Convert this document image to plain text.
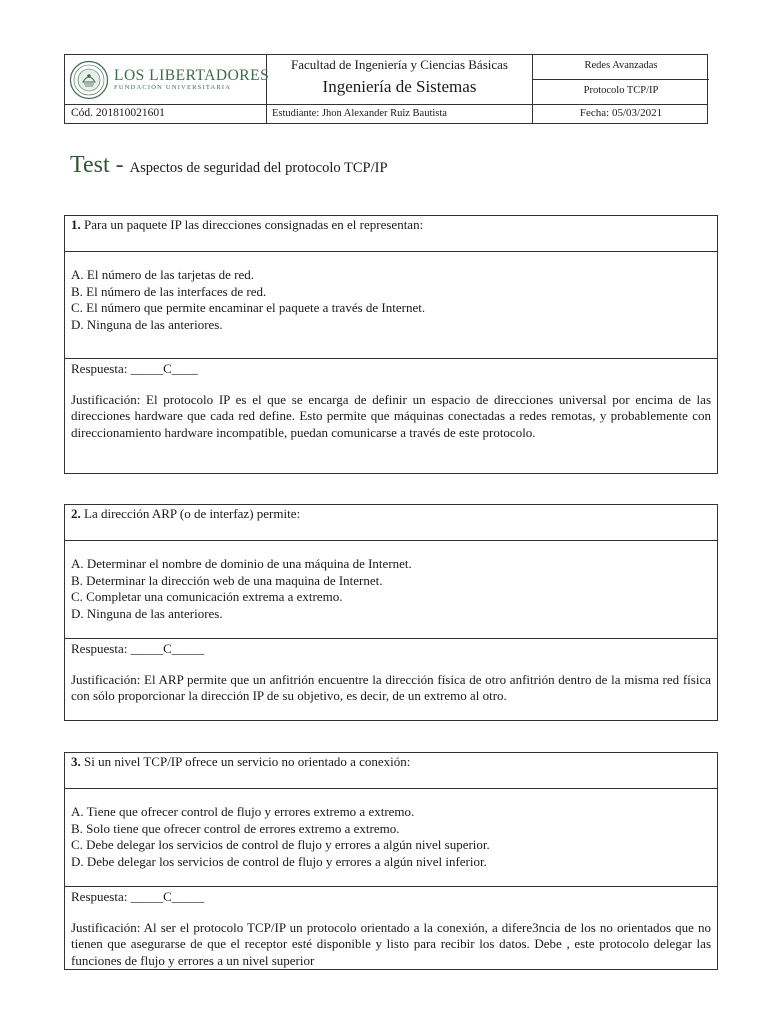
LOS LIBERTADORES
FUNDACIÓN UNIVERSITARIA
Facultad de Ingeniería y Ciencias Básicas
Ingeniería de Sistemas
Redes Avanzadas
Protocolo TCP/IP
Cód. 201810021601	Estudiante: Jhon Alexander Ruiz Bautista	Fecha: 05/03/2021
Test - Aspectos de seguridad del protocolo TCP/IP
1. Para un paquete IP las direcciones consignadas en el representan:
A. El número de las tarjetas de red.
B. El número de las interfaces de red.
C. El número que permite encaminar el paquete a través de Internet.
D. Ninguna de las anteriores.
Respuesta: _____C____
Justificación: El protocolo IP es el que se encarga de definir un espacio de direcciones universal por encima de las direcciones hardware que cada red define. Esto permite que máquinas conectadas a redes remotas, y probablemente con direccionamiento hardware incompatible, puedan comunicarse a través de este protocolo.
2. La dirección ARP (o de interfaz) permite:
A. Determinar el nombre de dominio de una máquina de Internet.
B. Determinar la dirección web de una maquina de Internet.
C. Completar una comunicación extrema a extremo.
D. Ninguna de las anteriores.
Respuesta: _____C_____
Justificación: El ARP permite que un anfitrión encuentre la dirección física de otro anfitrión dentro de la misma red física con sólo proporcionar la dirección IP de su objetivo, es decir, de un extremo al otro.
3. Si un nivel TCP/IP ofrece un servicio no orientado a conexión:
A. Tiene que ofrecer control de flujo y errores extremo a extremo.
B. Solo tiene que ofrecer control de errores extremo a extremo.
C. Debe delegar los servicios de control de flujo y errores a algún nivel superior.
D. Debe delegar los servicios de control de flujo y errores a algún nivel inferior.
Respuesta: _____C_____
Justificación: Al ser el protocolo TCP/IP un protocolo orientado a la conexión, a difere3ncia de los no orientados que no tienen que asegurarse de que el receptor esté disponible y listo para recibir los datos. Debe , este protocolo delegar las funciones de flujo y errores a un nivel superior
